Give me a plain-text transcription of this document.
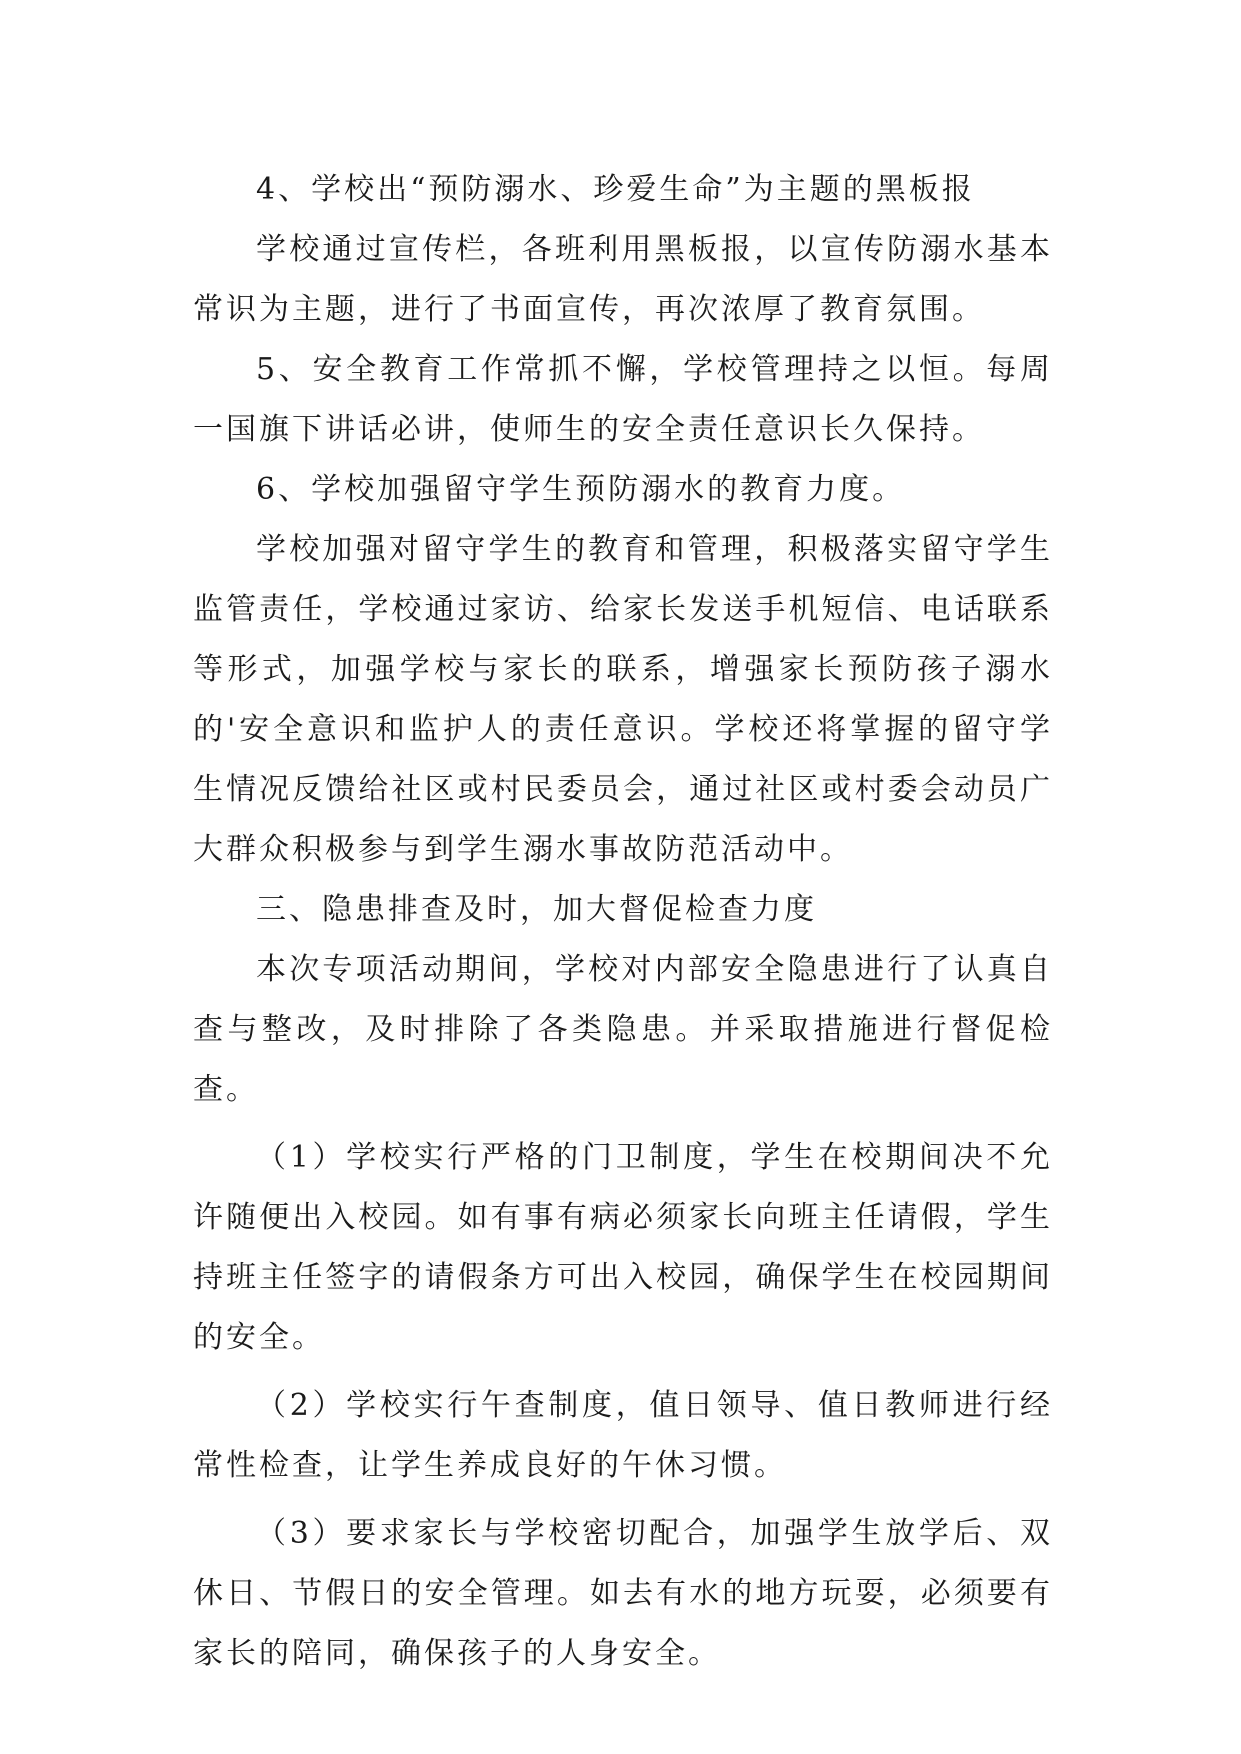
4、学校出“预防溺水、珍爱生命”为主题的黑板报

学校通过宣传栏，各班利用黑板报，以宣传防溺水基本常识为主题，进行了书面宣传，再次浓厚了教育氛围。

5、安全教育工作常抓不懈，学校管理持之以恒。每周一国旗下讲话必讲，使师生的安全责任意识长久保持。

6、学校加强留守学生预防溺水的教育力度。

学校加强对留守学生的教育和管理，积极落实留守学生监管责任，学校通过家访、给家长发送手机短信、电话联系等形式，加强学校与家长的联系，增强家长预防孩子溺水的'安全意识和监护人的责任意识。学校还将掌握的留守学生情况反馈给社区或村民委员会，通过社区或村委会动员广大群众积极参与到学生溺水事故防范活动中。

三、隐患排查及时，加大督促检查力度

本次专项活动期间，学校对内部安全隐患进行了认真自查与整改，及时排除了各类隐患。并采取措施进行督促检查。

（1）学校实行严格的门卫制度，学生在校期间决不允许随便出入校园。如有事有病必须家长向班主任请假，学生持班主任签字的请假条方可出入校园，确保学生在校园期间的安全。

（2）学校实行午查制度，值日领导、值日教师进行经常性检查，让学生养成良好的午休习惯。

（3）要求家长与学校密切配合，加强学生放学后、双休日、节假日的安全管理。如去有水的地方玩耍，必须要有家长的陪同，确保孩子的人身安全。
